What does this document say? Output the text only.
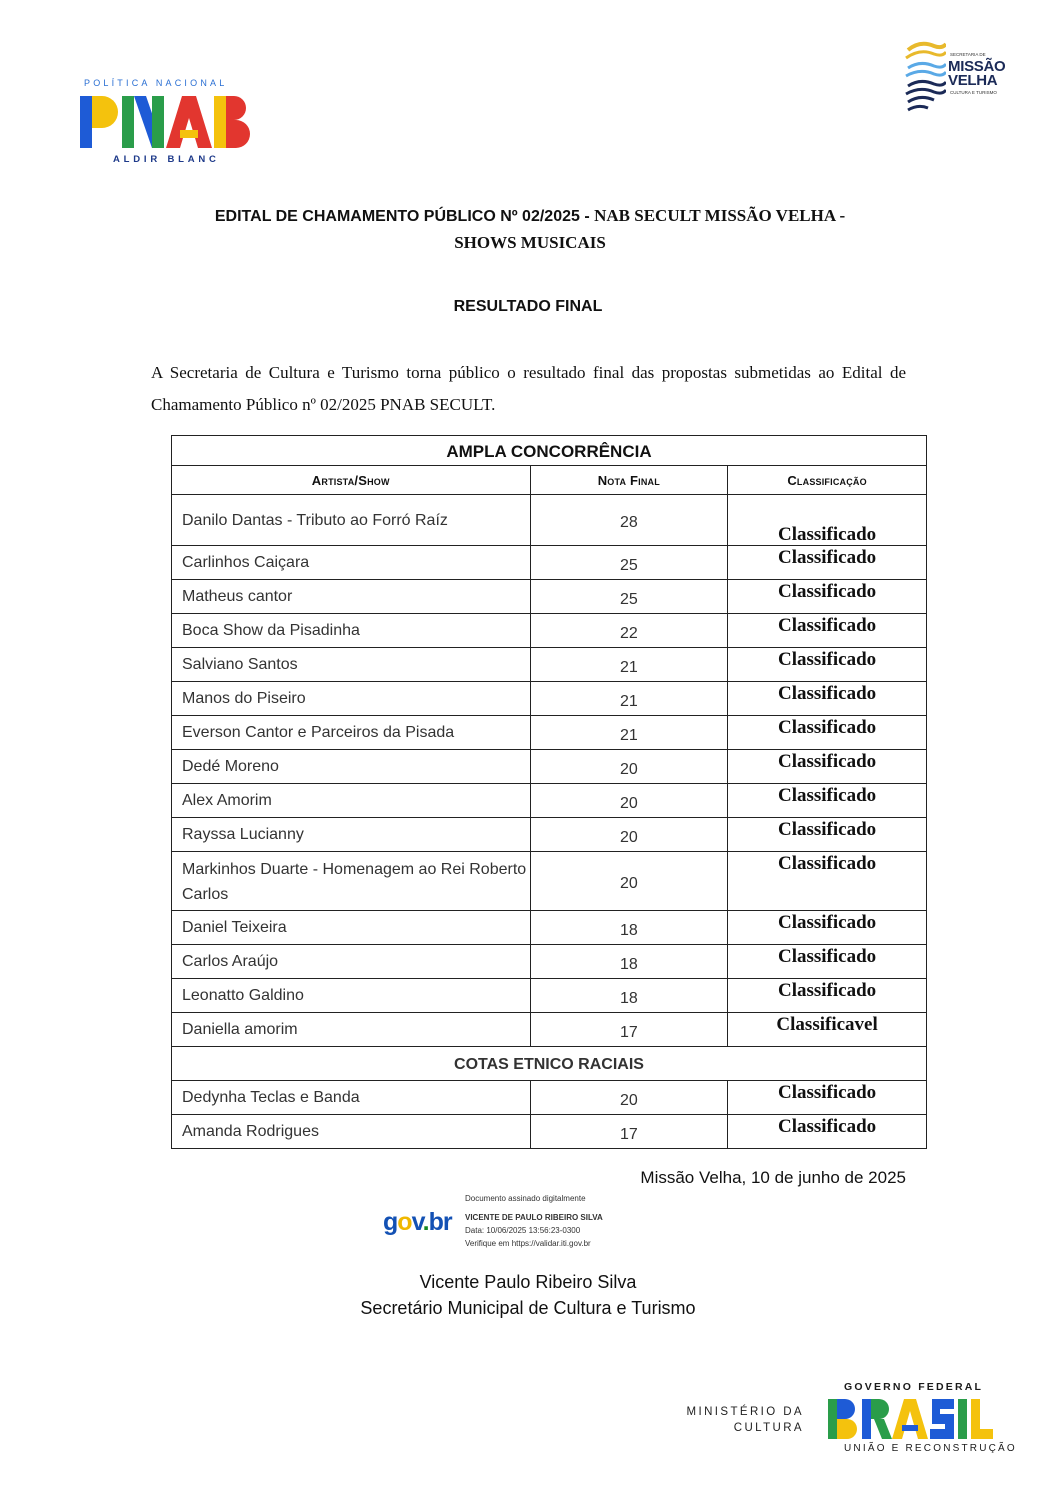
POLÍTICA NACIONAL
ALDIR BLANC
SECRETARIA DE
MISSÃO
VELHA
CULTURA E TURISMO
EDITAL DE CHAMAMENTO PÚBLICO Nº 02/2025 - NAB SECULT MISSÃO VELHA -
SHOWS MUSICAIS
RESULTADO FINAL
A Secretaria de Cultura e Turismo torna público o resultado final das propostas submetidas ao Edital de Chamamento Público nº 02/2025 PNAB SECULT.
AMPLA CONCORRÊNCIA		
Artista/Show	Nota Final	Classificação
Danilo Dantas - Tributo ao Forró Raíz	28	Classificado
Carlinhos Caiçara	25	Classificado
Matheus cantor	25	Classificado
Boca Show da Pisadinha	22	Classificado
Salviano Santos	21	Classificado
Manos do Piseiro	21	Classificado
Everson Cantor e Parceiros da Pisada	21	Classificado
Dedé Moreno	20	Classificado
Alex Amorim	20	Classificado
Rayssa Lucianny	20	Classificado
Markinhos Duarte - Homenagem ao Rei Roberto Carlos	20	Classificado
Daniel Teixeira	18	Classificado
Carlos Araújo	18	Classificado
Leonatto Galdino	18	Classificado
Daniella amorim	17	Classificavel
COTAS ETNICO RACIAIS		
Dedynha Teclas e Banda	20	Classificado
Amanda Rodrigues	17	Classificado
Missão Velha, 10 de junho de 2025
gov.br
Documento assinado digitalmente
VICENTE DE PAULO RIBEIRO SILVA
Data: 10/06/2025 13:56:23-0300
Verifique em https://validar.iti.gov.br
Vicente Paulo Ribeiro Silva
Secretário Municipal de Cultura e Turismo
MINISTÉRIO DA
CULTURA
GOVERNO FEDERAL
UNIÃO E RECONSTRUÇÃO
